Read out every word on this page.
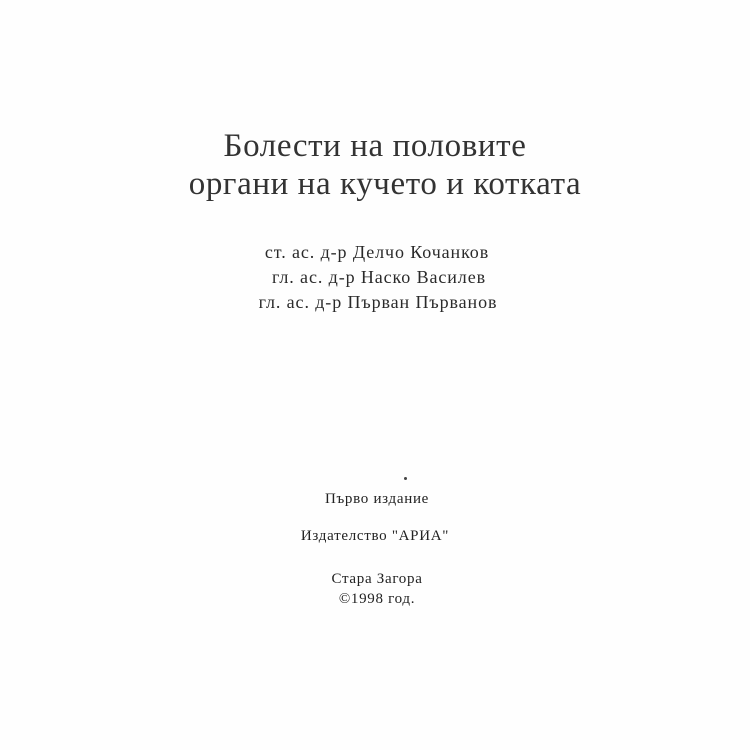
Болести на половите
органи на кучето и котката
ст. ас. д-р Делчо Кочанков
гл. ас. д-р Наско Василев
гл. ас. д-р Първан Първанов
Първо издание
Издателство "АРИА"
Стара Загора
©1998 год.
